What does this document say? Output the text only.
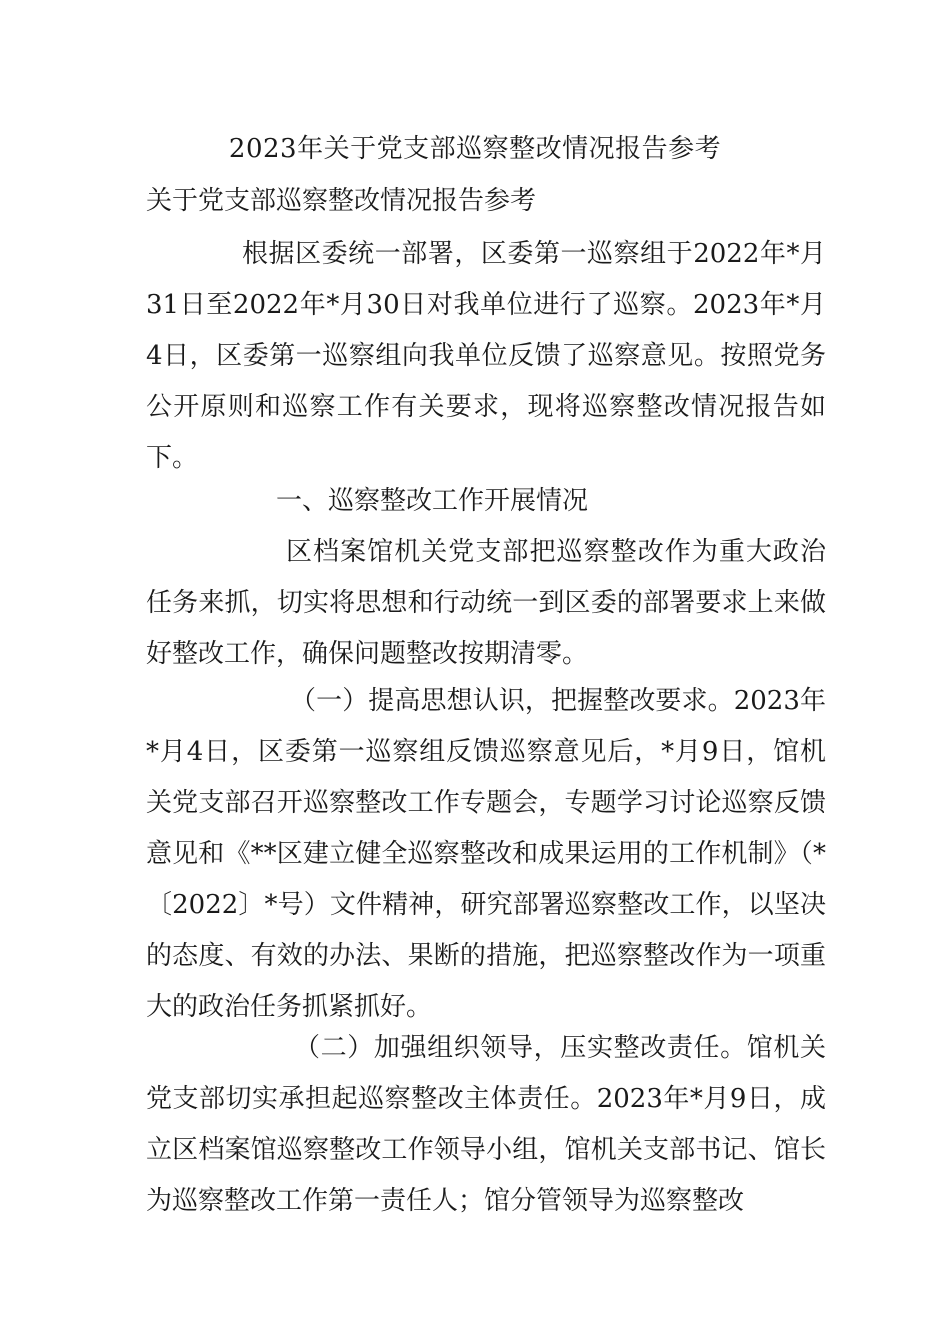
2023年关于党支部巡察整改情况报告参考
关于党支部巡察整改情况报告参考

根据区委统一部署，区委第一巡察组于2022年*月31日至2022年*月30日对我单位进行了巡察。2023年*月4日，区委第一巡察组向我单位反馈了巡察意见。按照党务公开原则和巡察工作有关要求，现将巡察整改情况报告如下。

一、巡察整改工作开展情况

区档案馆机关党支部把巡察整改作为重大政治任务来抓，切实将思想和行动统一到区委的部署要求上来做好整改工作，确保问题整改按期清零。

（一）提高思想认识，把握整改要求。2023年*月4日，区委第一巡察组反馈巡察意见后，*月9日，馆机关党支部召开巡察整改工作专题会，专题学习讨论巡察反馈意见和《**区建立健全巡察整改和成果运用的工作机制》（*〔2022〕*号）文件精神，研究部署巡察整改工作，以坚决的态度、有效的办法、果断的措施，把巡察整改作为一项重大的政治任务抓紧抓好。

（二）加强组织领导，压实整改责任。馆机关党支部切实承担起巡察整改主体责任。2023年*月9日，成立区档案馆巡察整改工作领导小组，馆机关支部书记、馆长为巡察整改工作第一责任人；馆分管领导为巡察整改
